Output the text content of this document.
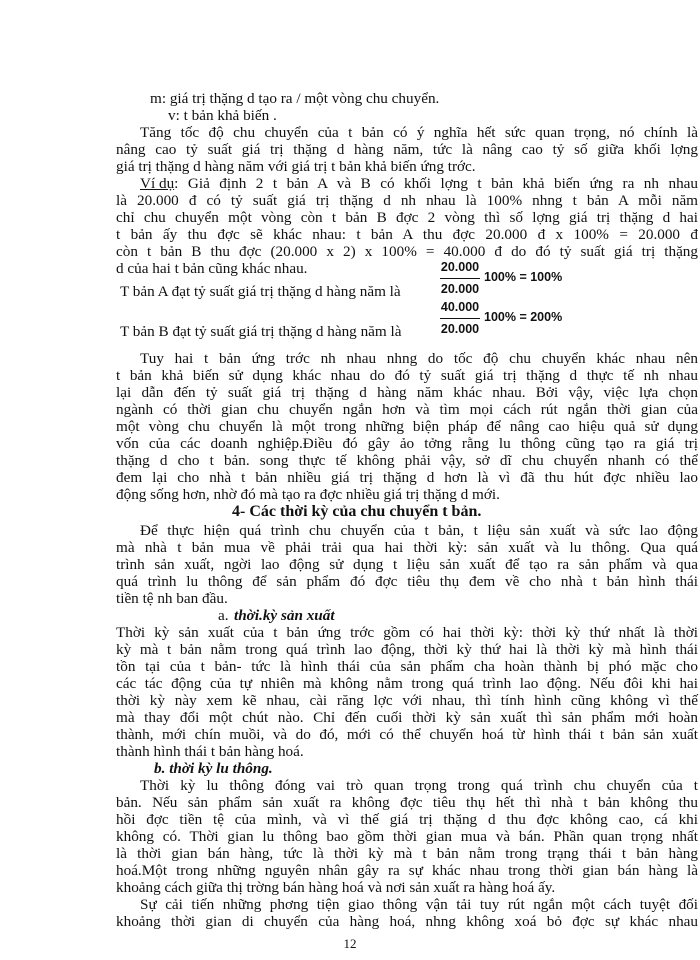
m: giá trị thặng d tạo ra / một vòng chu chuyển.
v: t bản khả biến .
Tăng tốc độ chu chuyển của t bản có ý nghĩa hết sức quan trọng, nó chính là
nâng cao tỷ suất giá trị thặng d hàng năm, tức là nâng cao tỷ số giữa khối lợng
giá trị thặng d hàng năm với giá trị t bản khả biến ứng trớc.
Ví dụ : Giả định 2 t bản A và B có khối lợng t bản khả biến ứng ra nh nhau
là 20.000 đ có tỷ suất giá trị thặng d nh nhau là 100% nhng t bản A mỗi năm
chỉ chu chuyển một vòng còn t bản B đợc 2 vòng thì số lợng giá trị thặng d hai
t bản ấy thu đợc sẽ khác nhau: t bản A thu đợc 20.000 đ x 100% = 20.000 đ
còn t bản B thu đợc (20.000 x 2) x 100% = 40.000 đ do đó tỷ suất giá trị thặng
d của hai t bản cũng khác nhau.
T bản A đạt tỷ suất giá trị thặng d hàng năm là
20.000
20.000
100% = 100%
T bản B đạt tỷ suất giá trị thặng d hàng năm là
40.000
20.000
100% = 200%
Tuy hai t bản ứng trớc nh nhau nhng do tốc độ chu chuyển khác nhau nên
t bản khả biến sử dụng khác nhau do đó tỷ suất giá trị thặng d thực tế nh nhau
lại dẫn đến tỷ suất giá trị thặng d hàng năm khác nhau. Bởi vậy, việc lựa chọn
ngành có thời gian chu chuyển ngắn hơn và tìm mọi cách rút ngắn thời gian của
một vòng chu chuyển là một trong những biện pháp để nâng cao hiệu quả sử dụng
vốn của các doanh nghiệp.Điều đó gây ảo tởng rằng lu thông cũng tạo ra giá trị
thặng d cho t bản. song thực tế không phải vậy, sở dĩ chu chuyển nhanh có thể
đem lại cho nhà t bản nhiều giá trị thặng d hơn là vì đã thu hút đợc nhiều lao
động sống hơn, nhờ đó mà tạo ra đợc nhiều giá trị thặng d mới.
4- Các thời kỳ của chu chuyển t bản.
Để thực hiện quá trình chu chuyển của t bản, t liệu sản xuất và sức lao động
mà nhà t bản mua về phải trải qua hai thời kỳ: sản xuất và lu thông. Qua quá
trình sản xuất, ngời lao động sử dụng t liệu sản xuất để tạo ra sản phẩm và qua
quá trình lu thông để sản phẩm đó đợc tiêu thụ đem về cho nhà t bản hình thái
tiền tệ nh ban đầu.
a. thời.kỳ sản xuất
Thời kỳ sản xuất của t bản ứng trớc gồm có hai thời kỳ: thời kỳ thứ nhất là thời
kỳ mà t bản nằm trong quá trình lao động, thời kỳ thứ hai là thời kỳ mà hình thái
tồn tại của t bản- tức là hình thái của sản phẩm cha hoàn thành bị phó mặc cho
các tác động của tự nhiên mà không nằm trong quá trình lao động. Nếu đôi khi hai
thời kỳ này xem kẽ nhau, cài răng lợc với nhau, thì tính hình cũng không vì thế
mà thay đổi một chút nào. Chỉ đến cuối thời kỳ sản xuất thì sản phẩm mới hoàn
thành, mới chín muồi, và do đó, mới có thể chuyển hoá từ hình thái t bản sản xuất
thành hình thái t bản hàng hoá.
b. thời kỳ lu thông.
Thời kỳ lu thông đóng vai trò quan trọng trong quá trình chu chuyển của t
bản. Nếu sản phẩm sản xuất ra không đợc tiêu thụ hết thì nhà t bản không thu
hồi đợc tiền tệ của mình, và vì thế giá trị thặng d thu đợc không cao, cá khi
không có. Thời gian lu thông bao gồm thời gian mua và bán. Phần quan trọng nhất
là thời gian bán hàng, tức là thời kỳ mà t bản nằm trong trạng thái t bản hàng
hoá.Một trong những nguyên nhân gây ra sự khác nhau trong thời gian bán hàng là
khoảng cách giữa thị trờng bán hàng hoá và nơi sản xuất ra hàng hoá ấy.
Sự cải tiến những phơng tiện giao thông vận tải tuy rút ngắn một cách tuyệt đối
khoảng thời gian di chuyển của hàng hoá, nhng không xoá bỏ đợc sự khác nhau
12
